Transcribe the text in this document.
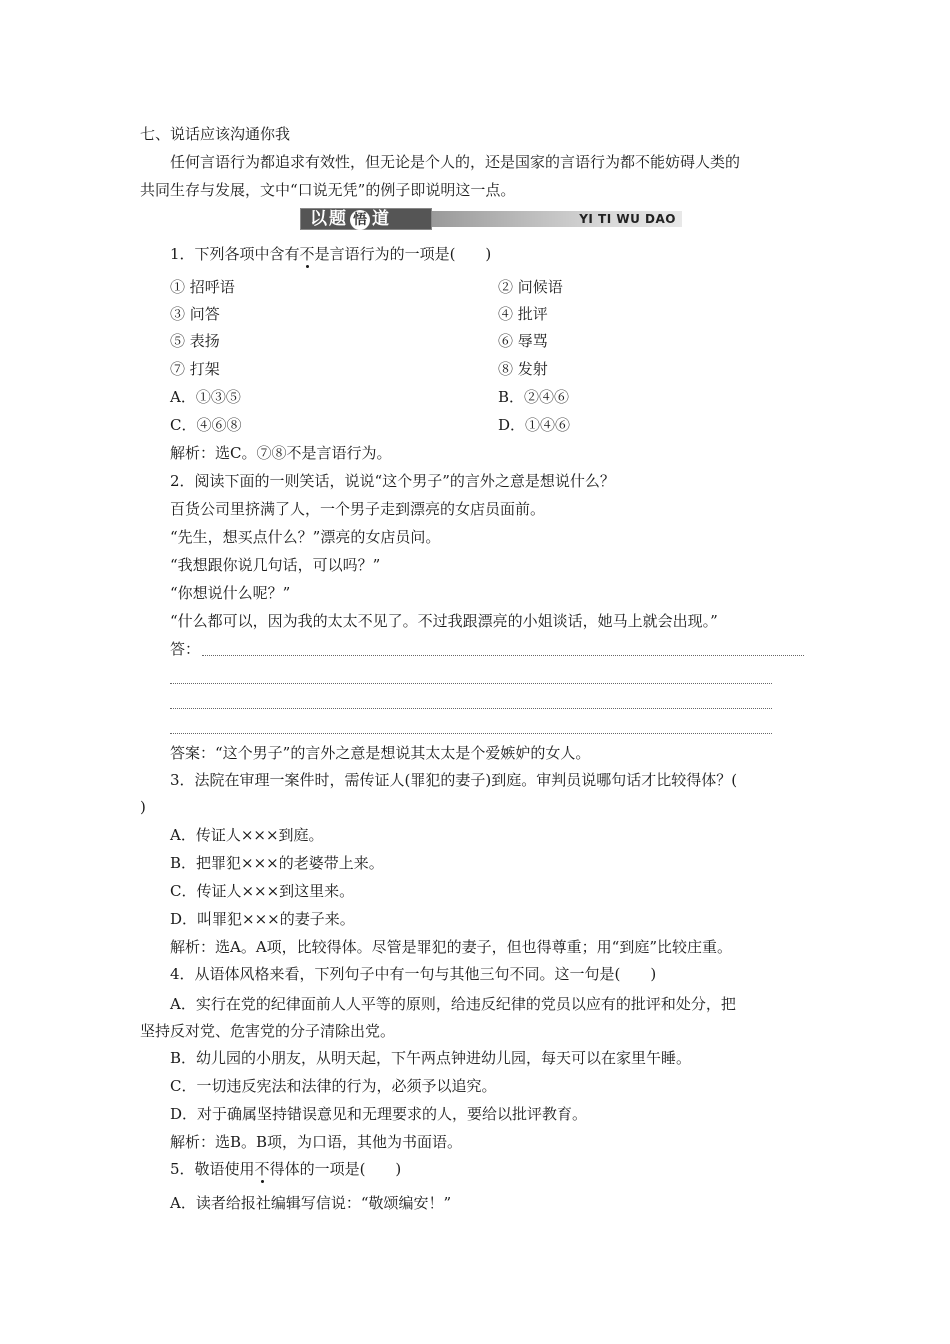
七、说话应该沟通你我
任何言语行为都追求有效性，但无论是个人的，还是国家的言语行为都不能妨碍人类的
共同生存与发展，文中“口说无凭”的例子即说明这一点。
以题 悟 道	YI TI WU DAO
1．下列各项中含有不是言语行为的一项是(　　)
① 招呼语	② 问候语
③ 问答	④ 批评
⑤ 表扬	⑥ 辱骂
⑦ 打架	⑧ 发射
A．①③⑤	B．②④⑥
C．④⑥⑧	D．①④⑥
解析：选C。⑦⑧不是言语行为。
2．阅读下面的一则笑话，说说“这个男子”的言外之意是想说什么？
百货公司里挤满了人，一个男子走到漂亮的女店员面前。
“先生，想买点什么？”漂亮的女店员问。
“我想跟你说几句话，可以吗？”
“你想说什么呢？”
“什么都可以，因为我的太太不见了。不过我跟漂亮的小姐谈话，她马上就会出现。”
答：
答案：“这个男子”的言外之意是想说其太太是个爱嫉妒的女人。
3．法院在审理一案件时，需传证人(罪犯的妻子)到庭。审判员说哪句话才比较得体？(
)
A．传证人×××到庭。
B．把罪犯×××的老婆带上来。
C．传证人×××到这里来。
D．叫罪犯×××的妻子来。
解析：选A。A项，比较得体。尽管是罪犯的妻子，但也得尊重；用“到庭”比较庄重。
4．从语体风格来看，下列句子中有一句与其他三句不同。这一句是(　　)
A．实行在党的纪律面前人人平等的原则，给违反纪律的党员以应有的批评和处分，把
坚持反对党、危害党的分子清除出党。
B．幼儿园的小朋友，从明天起，下午两点钟进幼儿园，每天可以在家里午睡。
C．一切违反宪法和法律的行为，必须予以追究。
D．对于确属坚持错误意见和无理要求的人，要给以批评教育。
解析：选B。B项，为口语，其他为书面语。
5．敬语使用不得体的一项是(　　)
A．读者给报社编辑写信说：“敬颂编安！”
